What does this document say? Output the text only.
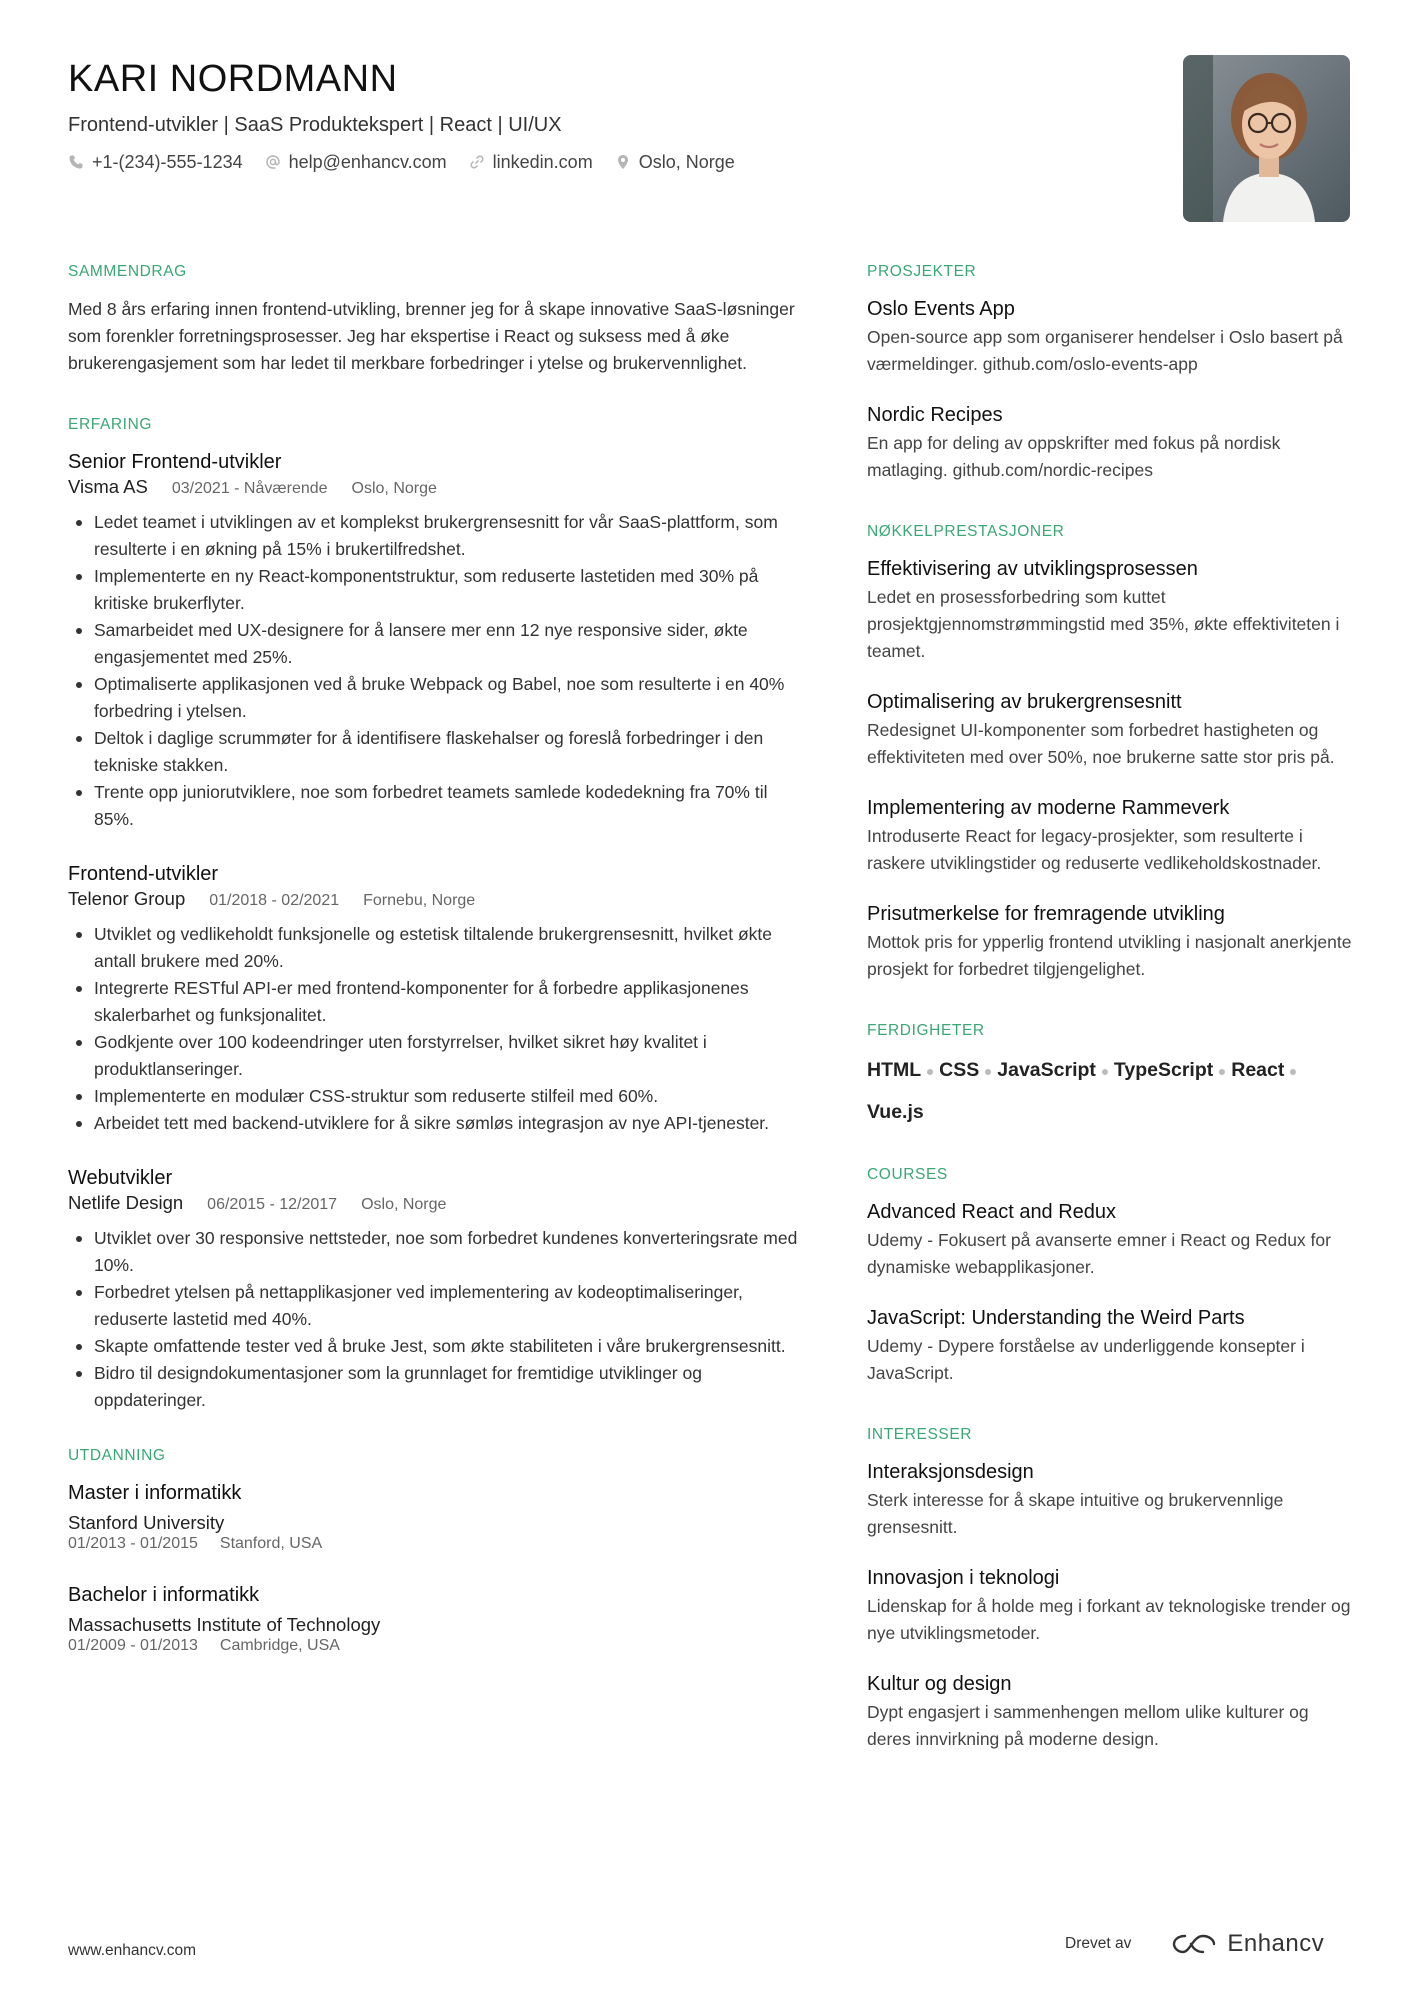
KARI NORDMANN
Frontend-utvikler | SaaS Produktekspert | React | UI/UX
+1-(234)-555-1234	help@enhancv.com	linkedin.com	Oslo, Norge
SAMMENDRAG
Med 8 års erfaring innen frontend-utvikling, brenner jeg for å skape innovative SaaS-løsninger som forenkler forretningsprosesser. Jeg har ekspertise i React og suksess med å øke brukerengasjement som har ledet til merkbare forbedringer i ytelse og brukervennlighet.
ERFARING
Senior Frontend-utvikler
Visma AS 03/2021 - Nåværende Oslo, Norge
Ledet teamet i utviklingen av et komplekst brukergrensesnitt for vår SaaS-plattform, som resulterte i en økning på 15% i brukertilfredshet.
Implementerte en ny React-komponentstruktur, som reduserte lastetiden med 30% på kritiske brukerflyter.
Samarbeidet med UX-designere for å lansere mer enn 12 nye responsive sider, økte engasjementet med 25%.
Optimaliserte applikasjonen ved å bruke Webpack og Babel, noe som resulterte i en 40% forbedring i ytelsen.
Deltok i daglige scrummøter for å identifisere flaskehalser og foreslå forbedringer i den tekniske stakken.
Trente opp juniorutviklere, noe som forbedret teamets samlede kodedekning fra 70% til 85%.
Frontend-utvikler
Telenor Group 01/2018 - 02/2021 Fornebu, Norge
Utviklet og vedlikeholdt funksjonelle og estetisk tiltalende brukergrensesnitt, hvilket økte antall brukere med 20%.
Integrerte RESTful API-er med frontend-komponenter for å forbedre applikasjonenes skalerbarhet og funksjonalitet.
Godkjente over 100 kodeendringer uten forstyrrelser, hvilket sikret høy kvalitet i produktlanseringer.
Implementerte en modulær CSS-struktur som reduserte stilfeil med 60%.
Arbeidet tett med backend-utviklere for å sikre sømløs integrasjon av nye API-tjenester.
Webutvikler
Netlife Design 06/2015 - 12/2017 Oslo, Norge
Utviklet over 30 responsive nettsteder, noe som forbedret kundenes konverteringsrate med 10%.
Forbedret ytelsen på nettapplikasjoner ved implementering av kodeoptimaliseringer, reduserte lastetid med 40%.
Skapte omfattende tester ved å bruke Jest, som økte stabiliteten i våre brukergrensesnitt.
Bidro til designdokumentasjoner som la grunnlaget for fremtidige utviklinger og oppdateringer.
UTDANNING
Master i informatikk
Stanford University
01/2013 - 01/2015 Stanford, USA
Bachelor i informatikk
Massachusetts Institute of Technology
01/2009 - 01/2013 Cambridge, USA
PROSJEKTER
Oslo Events App
Open-source app som organiserer hendelser i Oslo basert på værmeldinger. github.com/oslo-events-app
Nordic Recipes
En app for deling av oppskrifter med fokus på nordisk matlaging. github.com/nordic-recipes
NØKKELPRESTASJONER
Effektivisering av utviklingsprosessen
Ledet en prosessforbedring som kuttet prosjektgjennomstrømmingstid med 35%, økte effektiviteten i teamet.
Optimalisering av brukergrensesnitt
Redesignet UI-komponenter som forbedret hastigheten og effektiviteten med over 50%, noe brukerne satte stor pris på.
Implementering av moderne Rammeverk
Introduserte React for legacy-prosjekter, som resulterte i raskere utviklingstider og reduserte vedlikeholdskostnader.
Prisutmerkelse for fremragende utvikling
Mottok pris for ypperlig frontend utvikling i nasjonalt anerkjente prosjekt for forbedret tilgjengelighet.
FERDIGHETER
HTML CSS JavaScript TypeScript React
Vue.js
COURSES
Advanced React and Redux
Udemy - Fokusert på avanserte emner i React og Redux for dynamiske webapplikasjoner.
JavaScript: Understanding the Weird Parts
Udemy - Dypere forståelse av underliggende konsepter i JavaScript.
INTERESSER
Interaksjonsdesign
Sterk interesse for å skape intuitive og brukervennlige grensesnitt.
Innovasjon i teknologi
Lidenskap for å holde meg i forkant av teknologiske trender og nye utviklingsmetoder.
Kultur og design
Dypt engasjert i sammenhengen mellom ulike kulturer og deres innvirkning på moderne design.
www.enhancv.com	Drevet av	Enhancv
